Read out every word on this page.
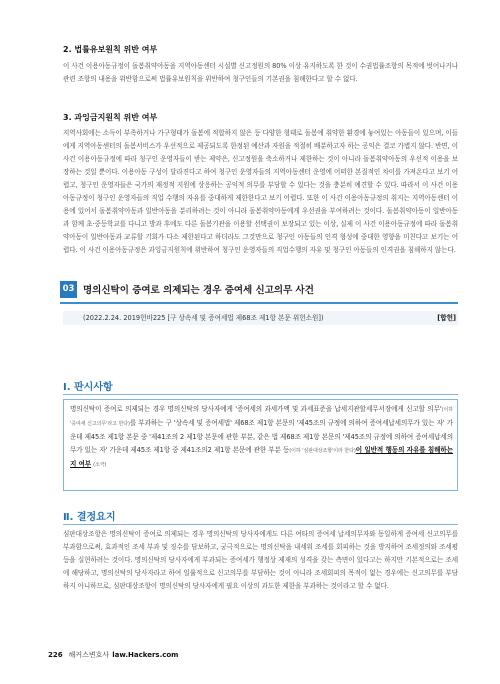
2. 법률유보원칙 위반 여부

이 사건 이용아동규정이 돌봄취약아동을 지역아동센터 시설별 신고정원의 80% 이상 유지하도록 한 것이 수권법률조항의 목적에 벗어나거나 관련 조항의 내용을 위반함으로써 법률유보원칙을 위반하여 청구인들의 기본권을 침해한다고 할 수 없다.

3. 과잉금지원칙 위반 여부

지역사회에는 소득이 부족하거나 가구형태가 돌봄에 적합하지 않은 등 다양한 형태로 돌봄에 취약한 환경에 놓여있는 아동들이 있으며, 이들에게 지역아동센터의 돌봄서비스가 우선적으로 제공되도록 한정된 예산과 자원을 적절히 배분하고자 하는 공익은 결코 가볍지 않다. 반면, 이 사건 이용아동규정에 따라 청구인 운영자들이 받는 제약은, 신고정원을 축소하거나 제한하는 것이 아니라 돌봄취약아동의 우선적 이용을 보장하는 것일 뿐이다. 이용아동 구성이 달라진다고 하여 청구인 운영자들의 지역아동센터 운영에 어떠한 본질적인 차이를 가져온다고 보기 어렵고, 청구인 운영자들은 국가의 재정적 지원에 상응하는 공익적 의무를 부담할 수 있다는 것을 충분히 예견할 수 있다. 따라서 이 사건 이용아동규정이 청구인 운영자들의 직업 수행의 자유를 중대하게 제한한다고 보기 어렵다. 또한 이 사건 이용아동규정의 취지는 지역아동센터 이용에 있어서 돌봄취약아동과 일반아동을 분리하려는 것이 아니라 돌봄취약아동에게 우선권을 부여하려는 것이다. 돌봄취약아동이 일반아동과 함께 초·중등학교를 다니고 방과 후에도 다른 돌봄기관을 이용할 선택권이 보장되고 있는 이상, 실제 이 사건 이용아동규정에 따라 돌봄취약아동이 일반아동과 교류할 기회가 다소 제한된다고 하더라도 그것만으로 청구인 아동들의 인격 형성에 중대한 영향을 미친다고 보기는 어렵다. 이 사건 이용아동규정은 과잉금지원칙에 위반하여 청구인 운영자들의 직업수행의 자유 및 청구인 아동들의 인격권을 침해하지 않는다.

03 명의신탁이 증여로 의제되는 경우 증여세 신고의무 사건
(2022.2.24. 2019헌바225 [구 상속세 및 증여세법 제68조 제1항 본문 위헌소원])	[합헌]
Ⅰ. 판시사항

명의신탁이 증여로 의제되는 경우 명의신탁의 당사자에게 '증여세의 과세가액 및 과세표준을 납세지관할세무서장에게 신고할 의무'(이하 '증여세 신고의무'라고 한다)를 부과하는 구 '상속세 및 증여세법' 제68조 제1항 본문의 '제45조의 규정에 의하여 증여세납세의무가 있는 자' 가운데 제45조 제1항 본문 중 '제41조의 2 제1항 본문에 관한 부분, 같은 법 제68조 제1항 본문의 '제45조의 규정에 의하여 증여세납세의무가 있는 자' 가운데 제45조 제1항 중 제41조의2 제1항 본문에 관한 부분 등(이하 '심판대상조항'이라 한다)이 일반적 행동의 자유를 침해하는지 여부 (소극)

Ⅱ. 결정요지

심판대상조항은 명의신탁이 증여로 의제되는 경우 명의신탁의 당사자에게도 다른 여타의 증여세 납세의무자와 동일하게 증여세 신고의무를 부과함으로써, 효과적인 조세 부과 및 징수를 담보하고, 궁극적으로는 명의신탁을 내세워 조세를 회피하는 것을 방지하여 조세정의와 조세평등을 실현하려는 것이다. 명의신탁의 당사자에게 부과되는 증여세가 행정상 제재의 성격을 갖는 측면이 있다고는 하지만 기본적으로는 조세에 해당하고, 명의신탁의 당사자라고 하여 일률적으로 신고의무를 부담하는 것이 아니라 조세회피의 목적이 없는 경우에는 신고의무를 부담하지 아니하므로, 심판대상조항이 명의신탁의 당사자에게 필요 이상의 과도한 제한을 부과하는 것이라고 할 수 없다.

226 해커스변호사 law.Hackers.com
